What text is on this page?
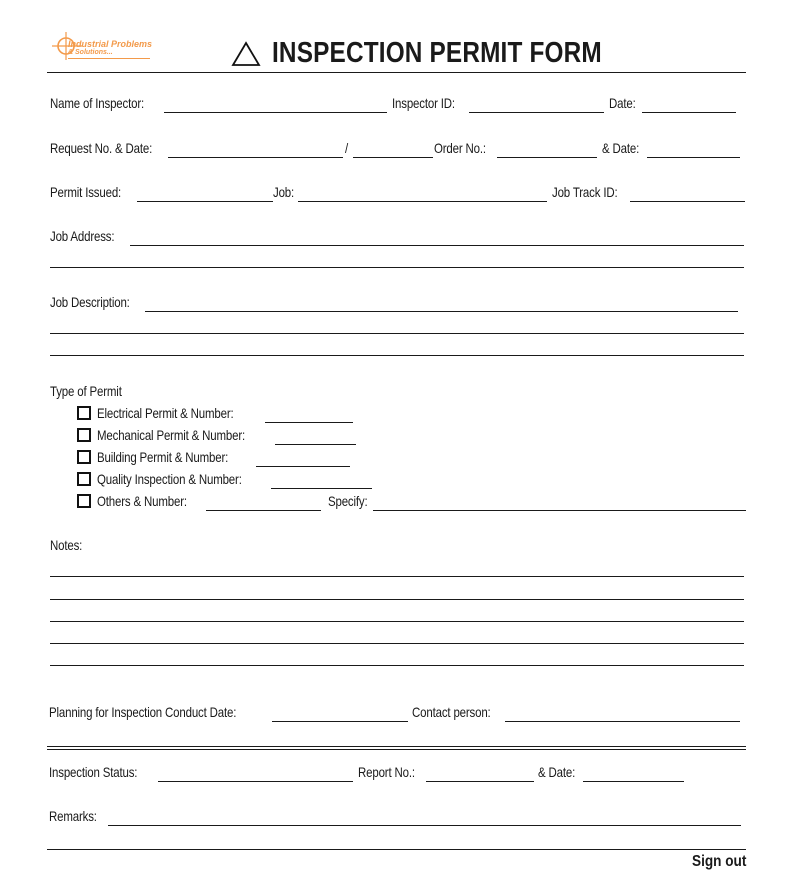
Industrial Problems
& Solutions...	INSPECTION PERMIT FORM
Name of Inspector:	Inspector ID:	Date:
Request No. & Date:	/	Order No.:	& Date:
Permit Issued:	Job:	Job Track ID:
Job Address:
Job Description:
Type of Permit
Electrical Permit & Number:
Mechanical Permit & Number:
Building Permit & Number:
Quality Inspection & Number:
Others & Number:	Specify:
Notes:
Planning for Inspection Conduct Date:	Contact person:
Inspection Status:	Report No.:	& Date:
Remarks:
Sign out
